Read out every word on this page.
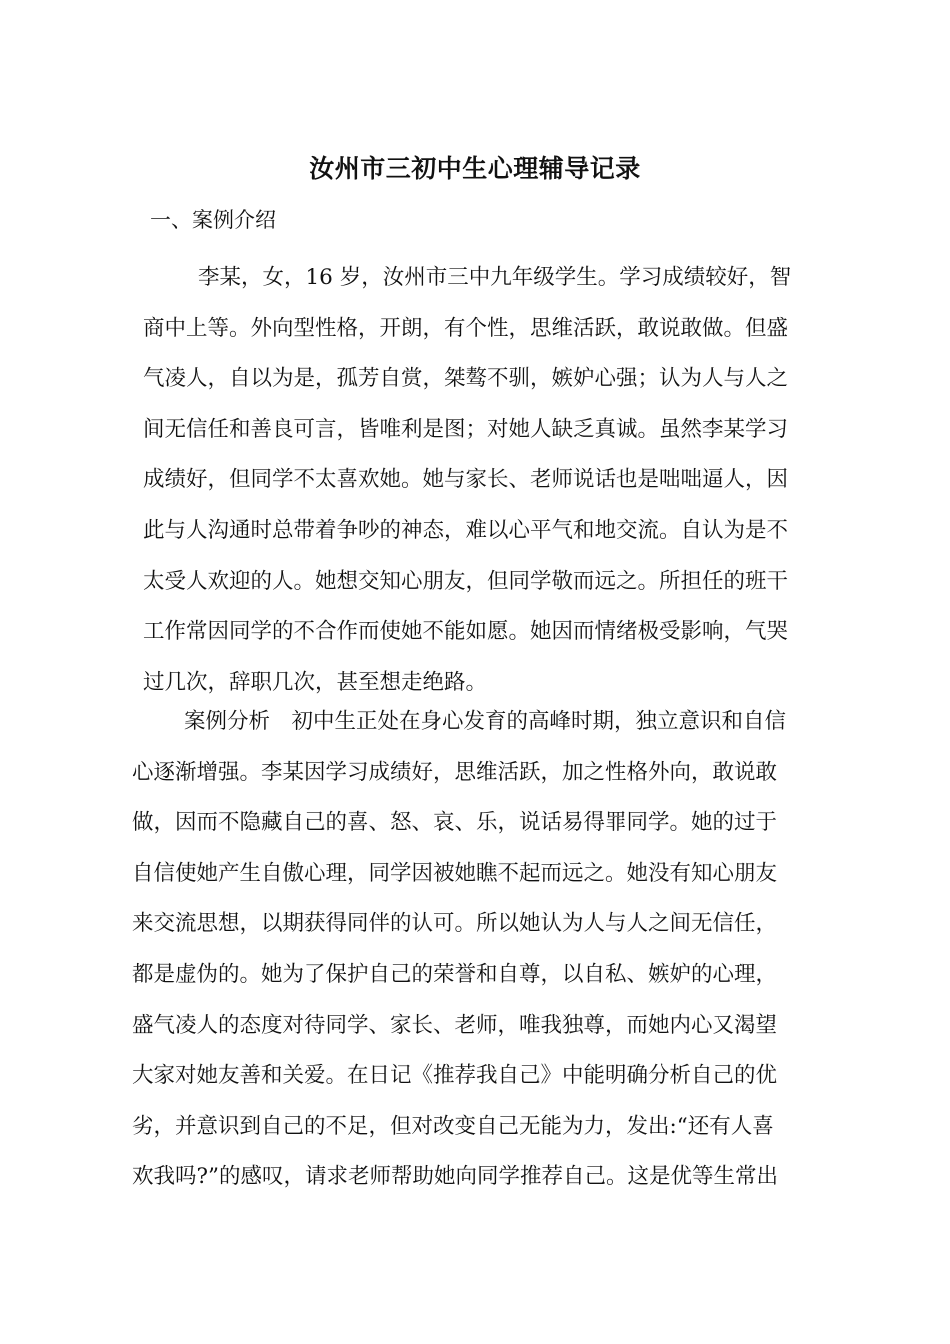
汝州市三初中生心理辅导记录
一、案例介绍
李某，女，16 岁，汝州市三中九年级学生。学习成绩较好，智
商中上等。外向型性格，开朗，有个性，思维活跃，敢说敢做。但盛
气凌人，自以为是，孤芳自赏，桀骜不驯，嫉妒心强；认为人与人之
间无信任和善良可言，皆唯利是图；对她人缺乏真诚。虽然李某学习
成绩好，但同学不太喜欢她。她与家长、老师说话也是咄咄逼人，因
此与人沟通时总带着争吵的神态，难以心平气和地交流。自认为是不
太受人欢迎的人。她想交知心朋友，但同学敬而远之。所担任的班干
工作常因同学的不合作而使她不能如愿。她因而情绪极受影响，气哭
过几次，辞职几次，甚至想走绝路。
案例分析　初中生正处在身心发育的高峰时期，独立意识和自信
心逐渐增强。李某因学习成绩好，思维活跃，加之性格外向，敢说敢
做，因而不隐藏自己的喜、怒、哀、乐，说话易得罪同学。她的过于
自信使她产生自傲心理，同学因被她瞧不起而远之。她没有知心朋友
来交流思想，以期获得同伴的认可。所以她认为人与人之间无信任，
都是虚伪的。她为了保护自己的荣誉和自尊，以自私、嫉妒的心理，
盛气凌人的态度对待同学、家长、老师，唯我独尊，而她内心又渴望
大家对她友善和关爱。在日记《推荐我自己》中能明确分析自己的优
劣，并意识到自己的不足，但对改变自己无能为力，发出:“还有人喜
欢我吗?”的感叹，请求老师帮助她向同学推荐自己。这是优等生常出
